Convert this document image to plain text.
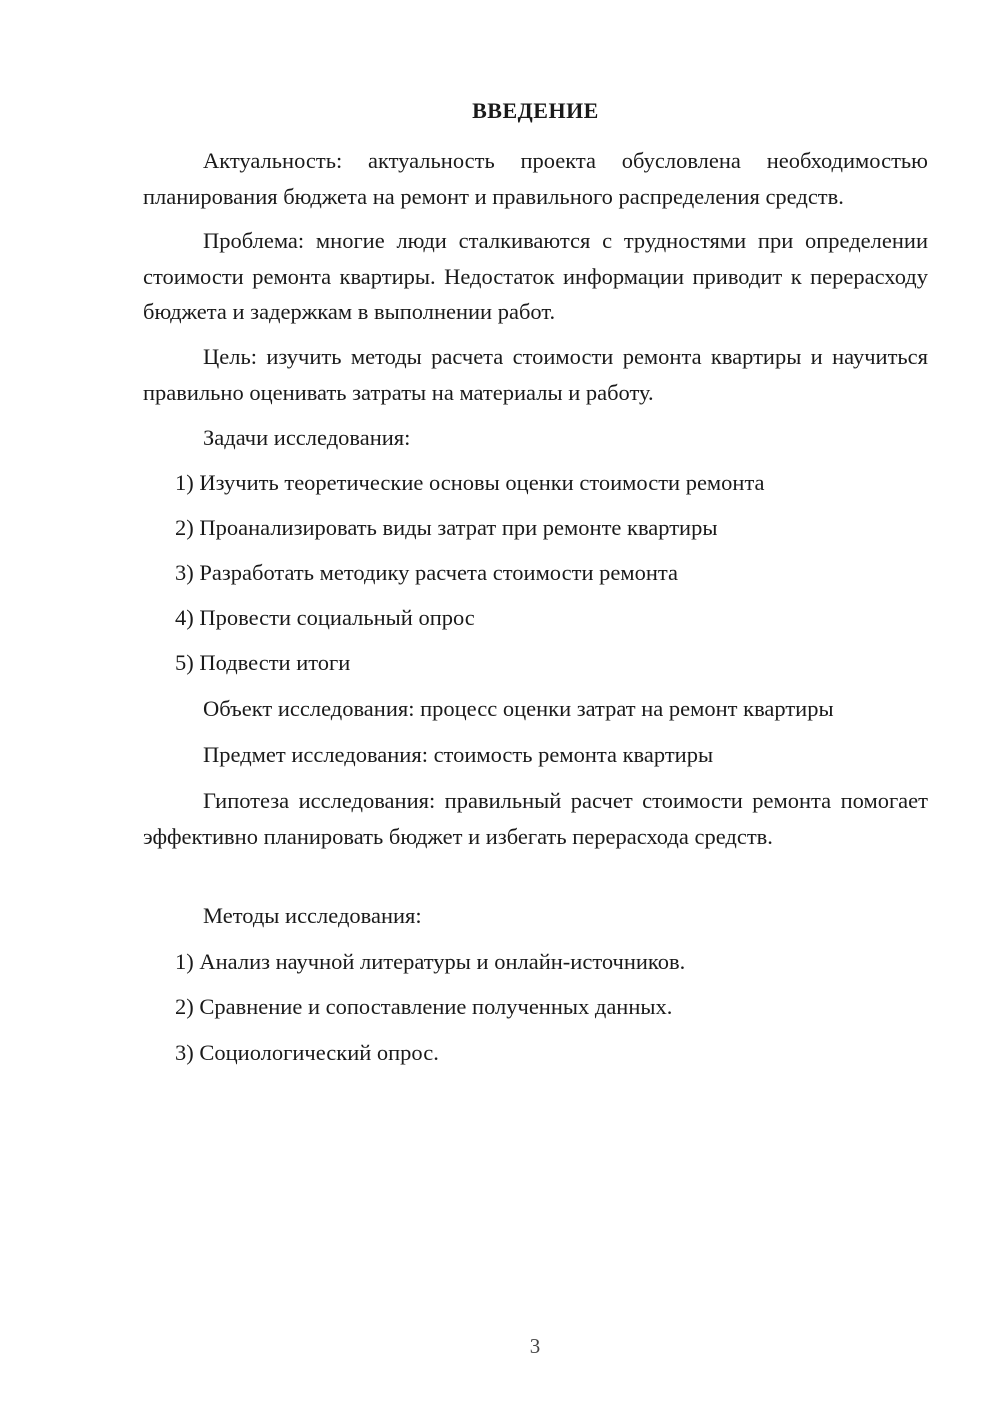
ВВЕДЕНИЕ

Актуальность: актуальность проекта обусловлена необходимостью планирования бюджета на ремонт и правильного распределения средств.

Проблема: многие люди сталкиваются с трудностями при определении стоимости ремонта квартиры. Недостаток информации приводит к перерасходу бюджета и задержкам в выполнении работ.

Цель: изучить методы расчета стоимости ремонта квартиры и научиться правильно оценивать затраты на материалы и работу.

Задачи исследования:

1) Изучить теоретические основы оценки стоимости ремонта

2) Проанализировать виды затрат при ремонте квартиры

3) Разработать методику расчета стоимости ремонта

4) Провести социальный опрос

5) Подвести итоги

Объект исследования: процесс оценки затрат на ремонт квартиры

Предмет исследования: стоимость ремонта квартиры

Гипотеза исследования: правильный расчет стоимости ремонта помогает эффективно планировать бюджет и избегать перерасхода средств.

Методы исследования:

1) Анализ научной литературы и онлайн-источников.

2) Сравнение и сопоставление полученных данных.

3) Социологический опрос.

3
